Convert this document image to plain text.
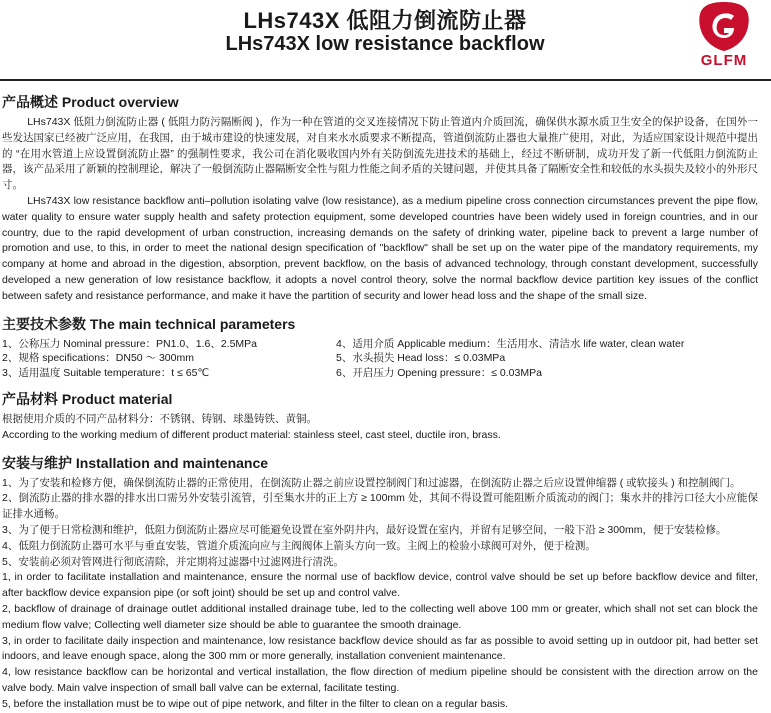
LHs743X 低阻力倒流防止器
LHs743X low resistance backflow
GLFM
产品概述 Product overview

LHs743X 低阻力倒流防止器 ( 低阻力防污隔断阀 )，作为一种在管道的交叉连接情况下防止管道内介质回流，确保供水源水质卫生安全的保护设备，在国外一些发达国家已经被广泛应用，在我国，由于城市建设的快速发展，对自来水水质要求不断提高，管道倒流防止器也大量推广使用，对此，为适应国家设计规范中提出的 “在用水管道上应设置倒流防止器” 的强制性要求，我公司在消化吸收国内外有关防倒流先进技术的基础上，经过不断研制，成功开发了新一代低阻力倒流防止器，该产品采用了新颖的控制理论，解决了一般倒流防止器隔断安全性与阻力性能之间矛盾的关键问题，并使其具备了隔断安全性和较低的水头损失及较小的外形尺寸。

LHs743X low resistance backflow anti–pollution isolating valve (low resistance), as a medium pipeline cross connection circumstances prevent the pipe flow, water quality to ensure water supply health and safety protection equipment, some developed countries have been widely used in foreign countries, and in our country, due to the rapid development of urban construction, increasing demands on the safety of drinking water, pipeline back to prevent a large number of promotion and use, to this, in order to meet the national design specification of "backflow" shall be set up on the water pipe of the mandatory requirements, my company at home and abroad in the digestion, absorption, prevent backflow, on the basis of advanced technology, through constant development, successfully developed a new generation of low resistance backflow, it adopts a novel control theory, solve the normal backflow device partition key issues of the conflict between safety and resistance performance, and make it have the partition of security and lower head loss and the shape of the small size.

主要技术参数 The main technical parameters
1、公称压力 Nominal pressure：PN1.0、1.6、2.5MPa	4、适用介质 Applicable medium：生活用水、清洁水 life water, clean water
2、规格 specifications：DN50 ～ 300mm	5、水头损失 Head loss：≤ 0.03MPa
3、适用温度 Suitable temperature：t ≤ 65℃	6、开启压力 Opening pressure：≤ 0.03MPa
产品材料 Product material

根据使用介质的不同产品材料分：不锈钢、铸钢、球墨铸铁、黄铜。

According to the working medium of different product material: stainless steel, cast steel, ductile iron, brass.

安装与维护 Installation and maintenance

1、为了安装和检修方便，确保倒流防止器的正常使用，在倒流防止器之前应设置控制阀门和过滤器，在倒流防止器之后应设置伸缩器 ( 或软接头 ) 和控制阀门。

2、倒流防止器的排水器的排水出口需另外安装引流管，引至集水井的正上方 ≥ 100mm 处，其间不得设置可能阻断介质流动的阀门；集水井的排污口径大小应能保证排水通畅。

3、为了便于日常检测和维护，低阻力倒流防止器应尽可能避免设置在室外阴井内，最好设置在室内，并留有足够空间，一般下沿 ≥ 300mm，便于安装检修。

4、低阻力倒流防止器可水平与垂直安装，管道介质流向应与主阀阀体上箭头方向一致。主阀上的检验小球阀可对外，便于检测。

5、安装前必须对管网进行彻底清除，并定期将过滤器中过滤网进行清洗。

1, in order to facilitate installation and maintenance, ensure the normal use of backflow device, control valve should be set up before backflow device and filter, after backflow device expansion pipe (or soft joint) should be set up and control valve.

2, backflow of drainage of drainage outlet additional installed drainage tube, led to the collecting well above 100 mm or greater, which shall not set can block the medium flow valve; Collecting well diameter size should be able to guarantee the smooth drainage.

3, in order to facilitate daily inspection and maintenance, low resistance backflow device should as far as possible to avoid setting up in outdoor pit, had better set indoors, and leave enough space, along the 300 mm or more generally, installation convenient maintenance.

4, low resistance backflow can be horizontal and vertical installation, the flow direction of medium pipeline should be consistent with the direction arrow on the valve body. Main valve inspection of small ball valve can be external, facilitate testing.

5, before the installation must be to wipe out of pipe network, and filter in the filter to clean on a regular basis.
